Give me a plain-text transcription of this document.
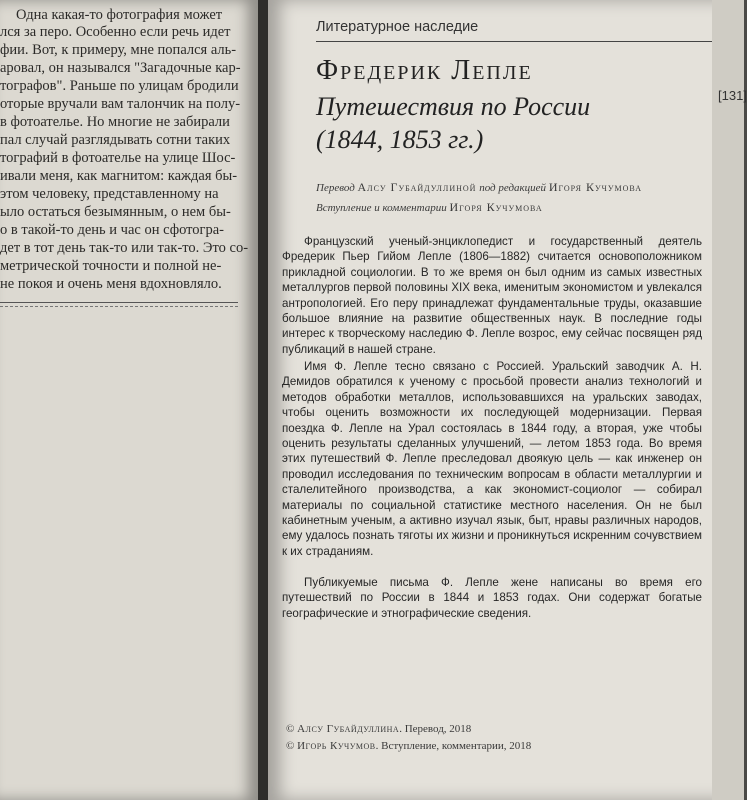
Одна какая-то фотография может
лся за перо. Особенно если речь идет
фии. Вот, к примеру, мне попался аль-
аровал, он назывался "Загадочные кар-
тографов". Раньше по улицам бродили
оторые вручали вам талончик на полу-
в фотоателье. Но многие не забирали
пал случай разглядывать сотни таких
тографий в фотоателье на улице Шос-
ивали меня, как магнитом: каждая бы-
этом человеку, представленному на
ыло остаться безымянным, о нем бы-
о в такой-то день и час он сфотогра-
дет в тот день так-то или так-то. Это со-
метрической точности и полной не-
не покоя и очень меня вдохновляло.
Литературное наследие
Фредерик Лепле
Путешествия по России
(1844, 1853 гг.)
Перевод Алсу Губайдуллиной под редакцией Игоря Кучумова
Вступление и комментарии Игоря Кучумова
Французский ученый-энциклопедист и государственный деятель Фредерик Пьер Гийом Лепле (1806—1882) считается основоположником прикладной социологии. В то же время он был одним из самых известных металлургов первой половины XIX века, именитым экономистом и увлекался антропологией. Его перу принадлежат фундаментальные труды, оказавшие большое влияние на развитие общественных наук. В последние годы интерес к творческому наследию Ф. Лепле возрос, ему сейчас посвящен ряд публикаций в нашей стране.
Имя Ф. Лепле тесно связано с Россией. Уральский заводчик А. Н. Демидов обратился к ученому с просьбой провести анализ технологий и методов обработки металлов, использовавшихся на уральских заводах, чтобы оценить возможности их последующей модернизации. Первая поездка Ф. Лепле на Урал состоялась в 1844 году, а вторая, уже чтобы оценить результаты сделанных улучшений, — летом 1853 года. Во время этих путешествий Ф. Лепле преследовал двоякую цель — как инженер он проводил исследования по техническим вопросам в области металлургии и сталелитейного производства, а как экономист-социолог — собирал материалы по социальной статистике местного населения. Он не был кабинетным ученым, а активно изучал язык, быт, нравы различных народов, ему удалось познать тяготы их жизни и проникнуться искренним сочувствием к их страданиям.
Публикуемые письма Ф. Лепле жене написаны во время его путешествий по России в 1844 и 1853 годах. Они содержат богатые географические и этнографические сведения.
© Алсу Губайдуллина. Перевод, 2018
© Игорь Кучумов. Вступление, комментарии, 2018
[131]
